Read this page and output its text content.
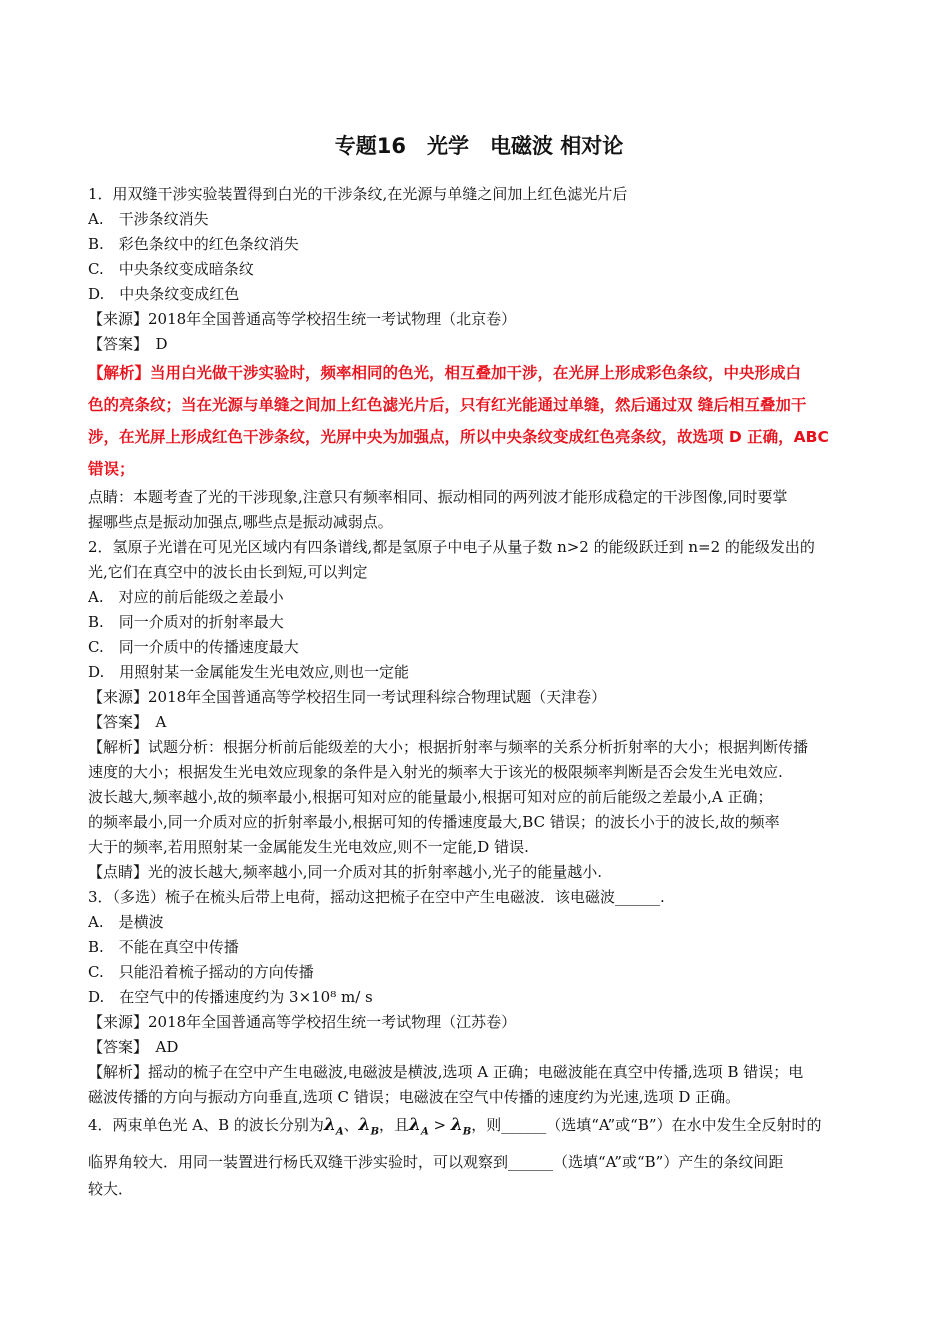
专题16　光学　电磁波 相对论
1．用双缝干涉实验装置得到白光的干涉条纹,在光源与单缝之间加上红色滤光片后
A.　干涉条纹消失
B.　彩色条纹中的红色条纹消失
C.　中央条纹变成暗条纹
D.　中央条纹变成红色
【来源】2018年全国普通高等学校招生统一考试物理（北京卷）
【答案】　D
【解析】当用白光做干涉实验时，频率相同的色光，相互叠加干涉，在光屏上形成彩色条纹，中央形成白
色的亮条纹；当在光源与单缝之间加上红色滤光片后，只有红光能通过单缝，然后通过双 缝后相互叠加干
涉，在光屏上形成红色干涉条纹，光屏中央为加强点，所以中央条纹变成红色亮条纹，故选项 D 正确，ABC
错误；
点睛：本题考查了光的干涉现象,注意只有频率相同、振动相同的两列波才能形成稳定的干涉图像,同时要掌
握哪些点是振动加强点,哪些点是振动减弱点。
2．氢原子光谱在可见光区域内有四条谱线,都是氢原子中电子从量子数 n>2 的能级跃迁到 n=2 的能级发出的
光,它们在真空中的波长由长到短,可以判定
A.　对应的前后能级之差最小
B.　同一介质对的折射率最大
C.　同一介质中的传播速度最大
D.　用照射某一金属能发生光电效应,则也一定能
【来源】2018年全国普通高等学校招生同一考试理科综合物理试题（天津卷）
【答案】　A
【解析】试题分析：根据分析前后能级差的大小；根据折射率与频率的关系分析折射率的大小；根据判断传播
速度的大小；根据发生光电效应现象的条件是入射光的频率大于该光的极限频率判断是否会发生光电效应.
波长越大,频率越小,故的频率最小,根据可知对应的能量最小,根据可知对应的前后能级之差最小,A 正确；
的频率最小,同一介质对应的折射率最小,根据可知的传播速度最大,BC 错误；的波长小于的波长,故的频率
大于的频率,若用照射某一金属能发生光电效应,则不一定能,D 错误.
【点睛】光的波长越大,频率越小,同一介质对其的折射率越小,光子的能量越小.
3．（多选）梳子在梳头后带上电荷，摇动这把梳子在空中产生电磁波．该电磁波______.
A.　是横波
B.　不能在真空中传播
C.　只能沿着梳子摇动的方向传播
D.　在空气中的传播速度约为 3×10⁸ m/ s
【来源】2018年全国普通高等学校招生统一考试物理（江苏卷）
【答案】　AD
【解析】摇动的梳子在空中产生电磁波,电磁波是横波,选项 A 正确；电磁波能在真空中传播,选项 B 错误；电
磁波传播的方向与振动方向垂直,选项 C 错误；电磁波在空气中传播的速度约为光速,选项 D 正确。
4．两束单色光 A、B 的波长分别为$\lambda_A$、$\lambda_B$，且$\lambda_A > \lambda_B$，则______（选填“A”或“B”）在水中发生全反射时的
临界角较大．用同一装置进行杨氏双缝干涉实验时，可以观察到______（选填“A”或“B”）产生的条纹间距
较大．
